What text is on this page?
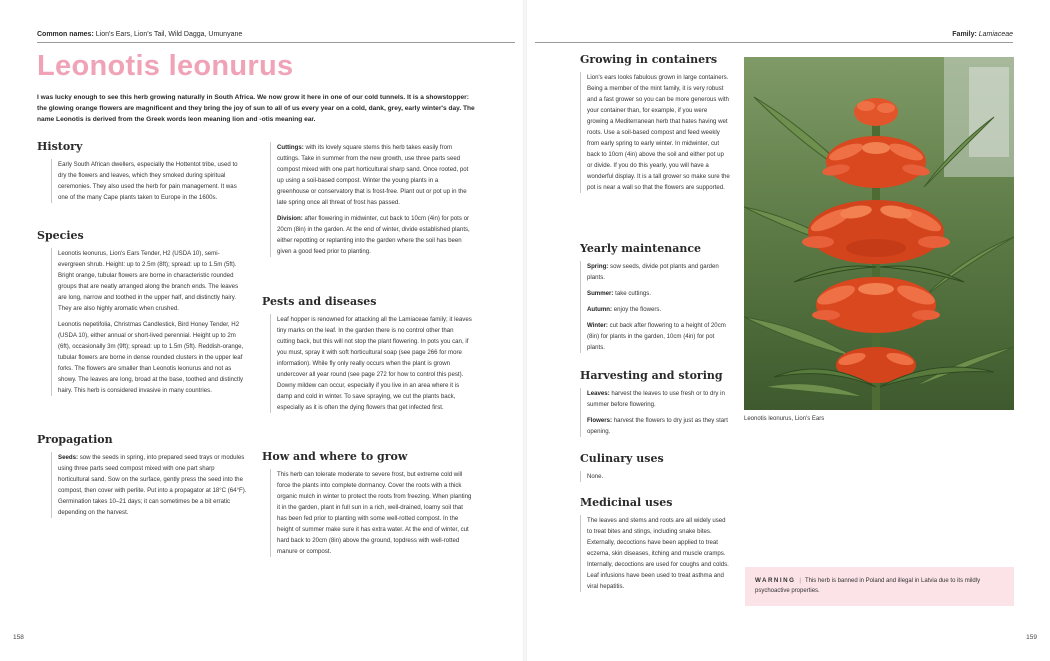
Common names: Lion's Ears, Lion's Tail, Wild Dagga, Umunyane
Leonotis leonurus

I was lucky enough to see this herb growing naturally in South Africa. We now grow it here in one of our cold tunnels. It is a showstopper: the glowing orange flowers are magnificent and they bring the joy of sun to all of us every year on a cold, dank, grey, early winter's day. The name Leonotis is derived from the Greek words leon meaning lion and -otis meaning ear.

History

Early South African dwellers, especially the Hottentot tribe, used to dry the flowers and leaves, which they smoked during spiritual ceremonies. They also used the herb for pain management. It was one of the many Cape plants taken to Europe in the 1600s.

Species

Leonotis leonurus, Lion's Ears Tender, H2 (USDA 10), semi-evergreen shrub. Height: up to 2.5m (8ft); spread: up to 1.5m (5ft). Bright orange, tubular flowers are borne in characteristic rounded groups that are neatly arranged along the branch ends. The leaves are long, narrow and toothed in the upper half, and distinctly hairy. They are also highly aromatic when crushed.

Leonotis nepetifolia, Christmas Candlestick, Bird Honey Tender, H2 (USDA 10), either annual or short-lived perennial. Height up to 2m (6ft), occasionally 3m (9ft); spread: up to 1.5m (5ft). Reddish-orange, tubular flowers are borne in dense rounded clusters in the upper leaf forks. The flowers are smaller than Leonotis leonurus and not as showy. The leaves are long, broad at the base, toothed and distinctly hairy. This herb is considered invasive in many countries.

Propagation

Seeds: sow the seeds in spring, into prepared seed trays or modules using three parts seed compost mixed with one part sharp horticultural sand. Sow on the surface, gently press the seed into the compost, then cover with perlite. Put into a propagator at 18°C (64°F). Germination takes 10–21 days; it can sometimes be a bit erratic depending on the harvest.

Cuttings: with its lovely square stems this herb takes easily from cuttings. Take in summer from the new growth, use three parts seed compost mixed with one part horticultural sharp sand. Once rooted, pot up using a soil-based compost. Winter the young plants in a greenhouse or conservatory that is frost-free. Plant out or pot up in the late spring once all threat of frost has passed.

Division: after flowering in midwinter, cut back to 10cm (4in) for pots or 20cm (8in) in the garden. At the end of winter, divide established plants, either repotting or replanting into the garden where the soil has been given a good feed prior to planting.

Pests and diseases

Leaf hopper is renowned for attacking all the Lamiaceae family; it leaves tiny marks on the leaf. In the garden there is no control other than cutting back, but this will not stop the plant flowering. In pots you can, if you must, spray it with soft horticultural soap (see page 266 for more information). While fly only really occurs when the plant is grown undercover all year round (see page 272 for how to control this pest). Downy mildew can occur, especially if you live in an area where it is damp and cold in winter. To save spraying, we cut the plants back, especially as it is often the dying flowers that get infected first.

How and where to grow

This herb can tolerate moderate to severe frost, but extreme cold will force the plants into complete dormancy. Cover the roots with a thick organic mulch in winter to protect the roots from freezing. When planting it in the garden, plant in full sun in a rich, well-drained, loamy soil that has been fed prior to planting with some well-rotted compost. In the height of summer make sure it has extra water. At the end of winter, cut hard back to 20cm (8in) above the ground, topdress with well-rotted manure or compost.

158
Family: Lamiaceae
Growing in containers

Lion's ears looks fabulous grown in large containers. Being a member of the mint family, it is very robust and a fast grower so you can be more generous with your container than, for example, if you were growing a Mediterranean herb that hates having wet roots. Use a soil-based compost and feed weekly from early spring to early winter. In midwinter, cut back to 10cm (4in) above the soil and either pot up or divide. If you do this yearly, you will have a wonderful display. It is a tall grower so make sure the pot is near a wall so that the flowers are supported.

Yearly maintenance

Spring: sow seeds, divide pot plants and garden plants.

Summer: take cuttings.

Autumn: enjoy the flowers.

Winter: cut back after flowering to a height of 20cm (8in) for plants in the garden, 10cm (4in) for pot plants.

Harvesting and storing

Leaves: harvest the leaves to use fresh or to dry in summer before flowering.

Flowers: harvest the flowers to dry just as they start opening.

Culinary uses

None.

Medicinal uses

The leaves and stems and roots are all widely used to treat bites and stings, including snake bites. Externally, decoctions have been applied to treat eczema, skin diseases, itching and muscle cramps. Internally, decoctions are used for coughs and colds. Leaf infusions have been used to treat asthma and viral hepatitis.

Leonotis leonurus, Lion's Ears
WARNING | This herb is banned in Poland and illegal in Latvia due to its mildly psychoactive properties.
159
